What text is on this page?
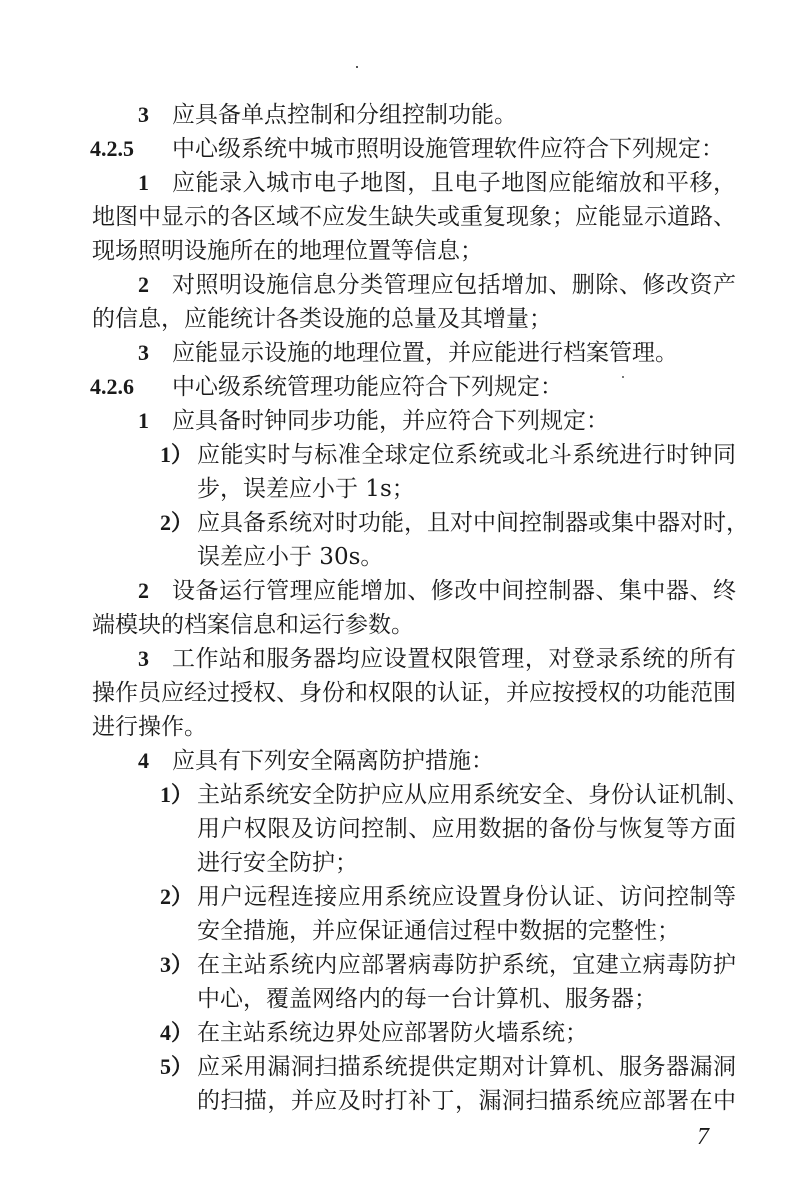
3 应具备单点控制和分组控制功能。
4.2.5 中心级系统中城市照明设施管理软件应符合下列规定：
1 应能录入城市电子地图，且电子地图应能缩放和平移，
地图中显示的各区域不应发生缺失或重复现象；应能显示道路、
现场照明设施所在的地理位置等信息；
2 对照明设施信息分类管理应包括增加、删除、修改资产
的信息，应能统计各类设施的总量及其增量；
3 应能显示设施的地理位置，并应能进行档案管理。
4.2.6 中心级系统管理功能应符合下列规定：
1 应具备时钟同步功能，并应符合下列规定：
1） 应能实时与标准全球定位系统或北斗系统进行时钟同
步，误差应小于 1s；
2） 应具备系统对时功能，且对中间控制器或集中器对时，
误差应小于 30s。
2 设备运行管理应能增加、修改中间控制器、集中器、终
端模块的档案信息和运行参数。
3 工作站和服务器均应设置权限管理，对登录系统的所有
操作员应经过授权、身份和权限的认证，并应按授权的功能范围
进行操作。
4 应具有下列安全隔离防护措施：
1） 主站系统安全防护应从应用系统安全、身份认证机制、
用户权限及访问控制、应用数据的备份与恢复等方面
进行安全防护；
2） 用户远程连接应用系统应设置身份认证、访问控制等
安全措施，并应保证通信过程中数据的完整性；
3） 在主站系统内应部署病毒防护系统，宜建立病毒防护
中心，覆盖网络内的每一台计算机、服务器；
4） 在主站系统边界处应部署防火墙系统；
5） 应采用漏洞扫描系统提供定期对计算机、服务器漏洞
的扫描，并应及时打补丁，漏洞扫描系统应部署在中
7
